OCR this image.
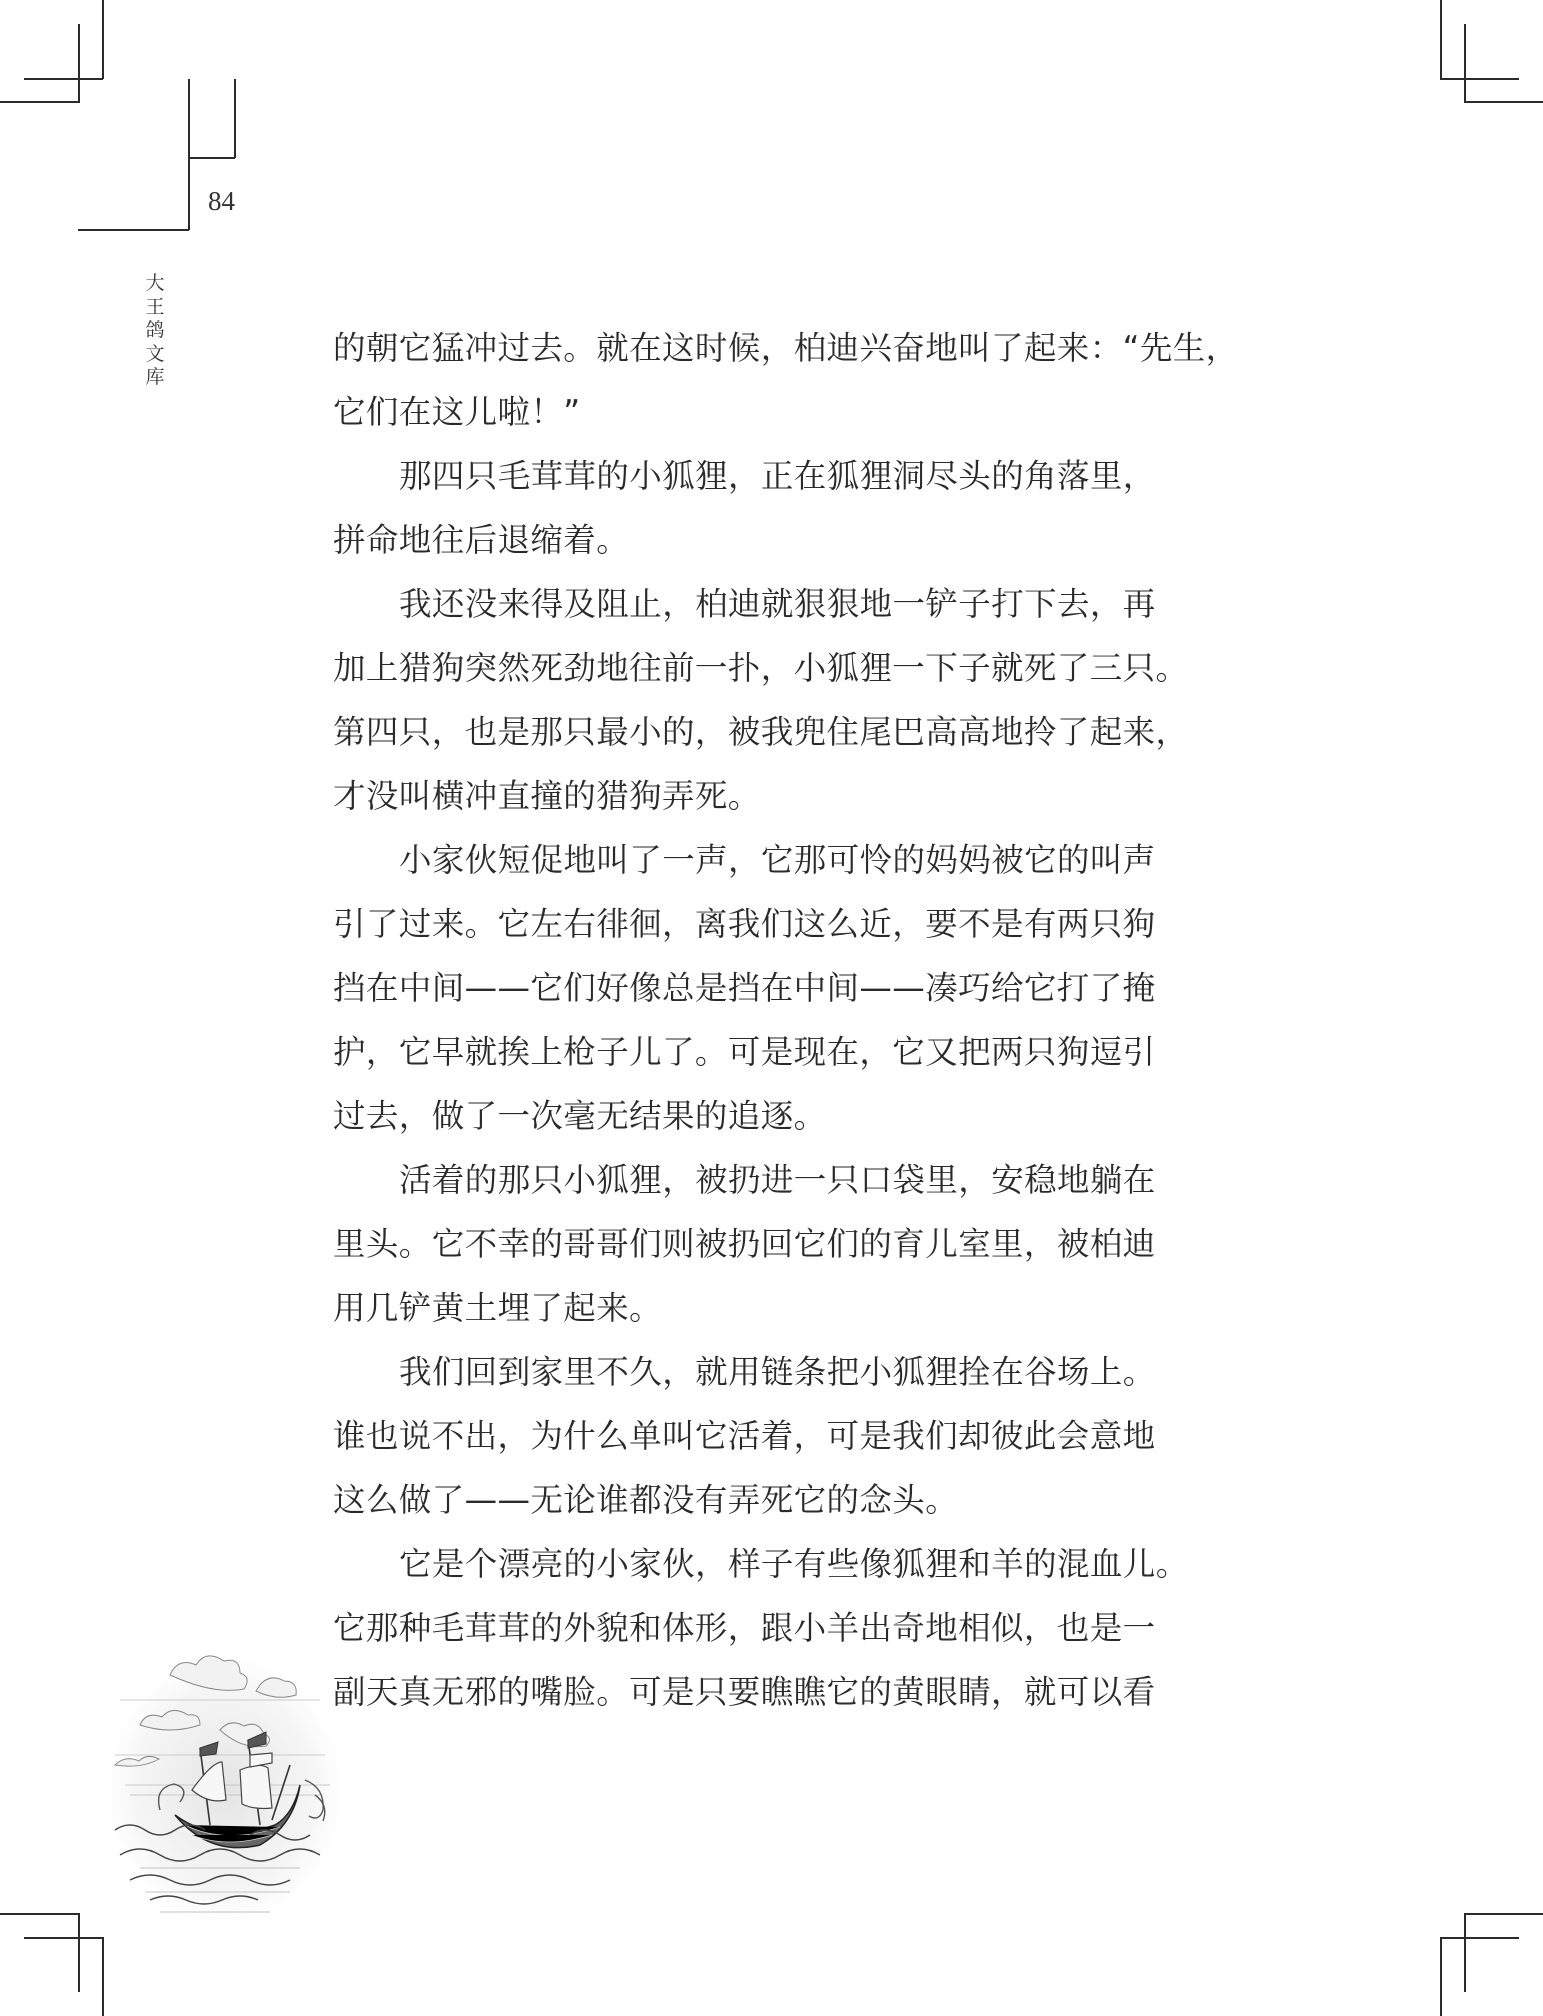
84
大王鸽文库
的朝它猛冲过去。就在这时候，柏迪兴奋地叫了起来：“先生，
它们在这儿啦！”
那四只毛茸茸的小狐狸，正在狐狸洞尽头的角落里，
拼命地往后退缩着。
我还没来得及阻止，柏迪就狠狠地一铲子打下去，再
加上猎狗突然死劲地往前一扑，小狐狸一下子就死了三只。
第四只，也是那只最小的，被我兜住尾巴高高地拎了起来，
才没叫横冲直撞的猎狗弄死。
小家伙短促地叫了一声，它那可怜的妈妈被它的叫声
引了过来。它左右徘徊，离我们这么近，要不是有两只狗
挡在中间——它们好像总是挡在中间——凑巧给它打了掩
护，它早就挨上枪子儿了。可是现在，它又把两只狗逗引
过去，做了一次毫无结果的追逐。
活着的那只小狐狸，被扔进一只口袋里，安稳地躺在
里头。它不幸的哥哥们则被扔回它们的育儿室里，被柏迪
用几铲黄土埋了起来。
我们回到家里不久，就用链条把小狐狸拴在谷场上。
谁也说不出，为什么单叫它活着，可是我们却彼此会意地
这么做了——无论谁都没有弄死它的念头。
它是个漂亮的小家伙，样子有些像狐狸和羊的混血儿。
它那种毛茸茸的外貌和体形，跟小羊出奇地相似，也是一
副天真无邪的嘴脸。可是只要瞧瞧它的黄眼睛，就可以看
